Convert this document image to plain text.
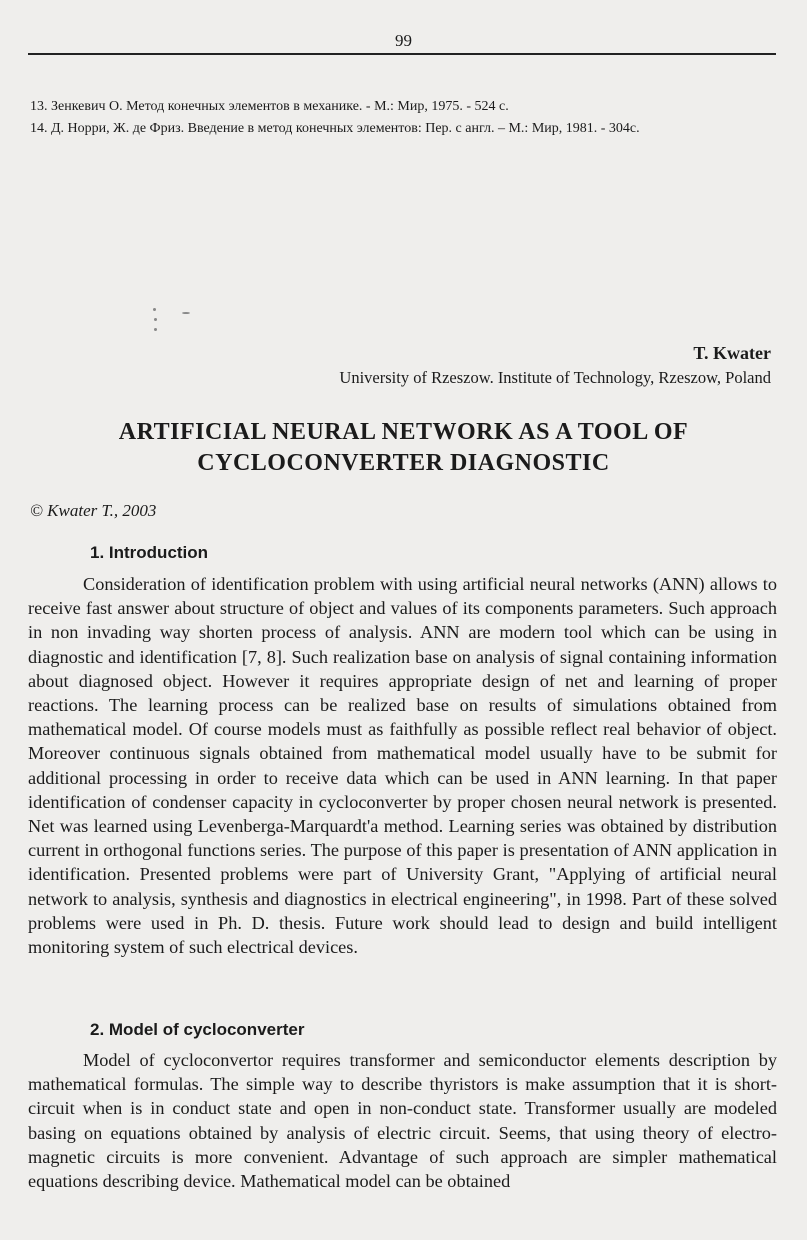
99
13. Зенкевич О. Метод конечных элементов в механике. - М.: Мир, 1975. - 524 с.
14. Д. Норри, Ж. де Фриз. Введение в метод конечных элементов: Пер. с англ. – М.: Мир, 1981. - 304с.
T. Kwater
University of Rzeszow. Institute of Technology, Rzeszow, Poland
ARTIFICIAL NEURAL NETWORK AS A TOOL OF
CYCLOCONVERTER DIAGNOSTIC
© Kwater T., 2003
1. Introduction

Consideration of identification problem with using artificial neural networks (ANN) allows to receive fast answer about structure of object and values of its components parameters. Such approach in non invading way shorten process of analysis. ANN are modern tool which can be using in diagnostic and identification [7, 8]. Such realization base on analysis of signal containing information about diagnosed object. However it requires appropriate design of net and learning of proper reactions. The learning process can be realized base on results of simulations obtained from mathematical model. Of course models must as faithfully as possible reflect real behavior of object. Moreover continuous signals obtained from mathematical model usually have to be submit for additional processing in order to receive data which can be used in ANN learning. In that paper identification of condenser capacity in cycloconverter by proper chosen neural network is presented. Net was learned using Levenberga-Marquardt'a method. Learning series was obtained by distribution current in orthogonal functions series. The purpose of this paper is presentation of ANN application in identification. Presented problems were part of University Grant, "Applying of artificial neural network to analysis, synthesis and diagnostics in electrical engineering", in 1998. Part of these solved problems were used in Ph. D. thesis. Future work should lead to design and build intelligent monitoring system of such electrical devices.

2. Model of cycloconverter

Model of cycloconvertor requires transformer and semiconductor elements description by mathematical formulas. The simple way to describe thyristors is make assumption that it is short-circuit when is in conduct state and open in non-conduct state. Transformer usually are modeled basing on equations obtained by analysis of electric circuit. Seems, that using theory of electro-magnetic circuits is more convenient. Advantage of such approach are simpler mathematical equations describing device. Mathematical model can be obtained
